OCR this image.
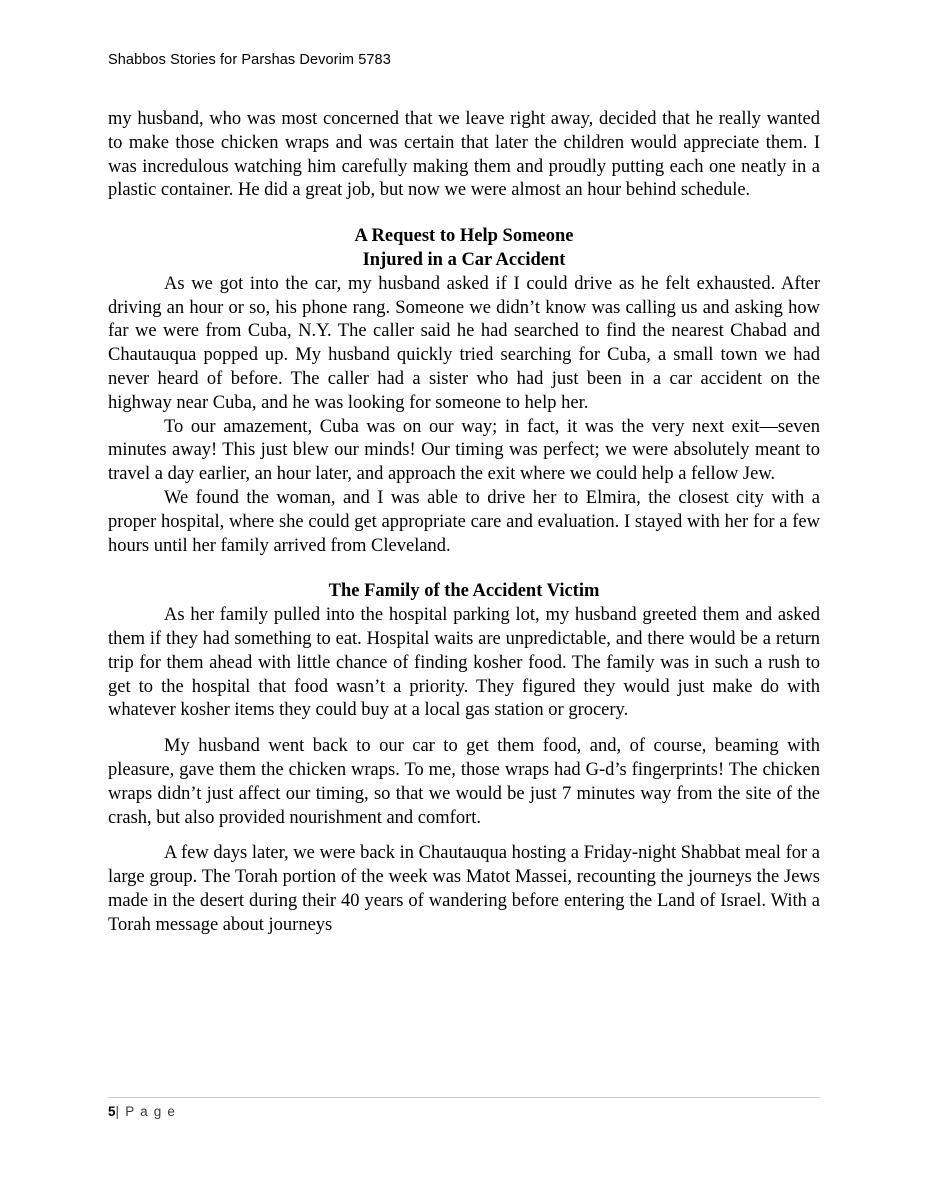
Shabbos Stories for Parshas Devorim 5783

my husband, who was most concerned that we leave right away, decided that he really wanted to make those chicken wraps and was certain that later the children would appreciate them. I was incredulous watching him carefully making them and proudly putting each one neatly in a plastic container. He did a great job, but now we were almost an hour behind schedule.

A Request to Help Someone

Injured in a Car Accident

As we got into the car, my husband asked if I could drive as he felt exhausted. After driving an hour or so, his phone rang. Someone we didn’t know was calling us and asking how far we were from Cuba, N.Y. The caller said he had searched to find the nearest Chabad and Chautauqua popped up. My husband quickly tried searching for Cuba, a small town we had never heard of before. The caller had a sister who had just been in a car accident on the highway near Cuba, and he was looking for someone to help her.

To our amazement, Cuba was on our way; in fact, it was the very next exit—seven minutes away! This just blew our minds! Our timing was perfect; we were absolutely meant to travel a day earlier, an hour later, and approach the exit where we could help a fellow Jew.

We found the woman, and I was able to drive her to Elmira, the closest city with a proper hospital, where she could get appropriate care and evaluation. I stayed with her for a few hours until her family arrived from Cleveland.

The Family of the Accident Victim

As her family pulled into the hospital parking lot, my husband greeted them and asked them if they had something to eat. Hospital waits are unpredictable, and there would be a return trip for them ahead with little chance of finding kosher food. The family was in such a rush to get to the hospital that food wasn’t a priority. They figured they would just make do with whatever kosher items they could buy at a local gas station or grocery.

My husband went back to our car to get them food, and, of course, beaming with pleasure, gave them the chicken wraps. To me, those wraps had G-d’s fingerprints! The chicken wraps didn’t just affect our timing, so that we would be just 7 minutes way from the site of the crash, but also provided nourishment and comfort.

A few days later, we were back in Chautauqua hosting a Friday-night Shabbat meal for a large group. The Torah portion of the week was Matot Massei, recounting the journeys the Jews made in the desert during their 40 years of wandering before entering the Land of Israel. With a Torah message about journeys

5| P a g e
